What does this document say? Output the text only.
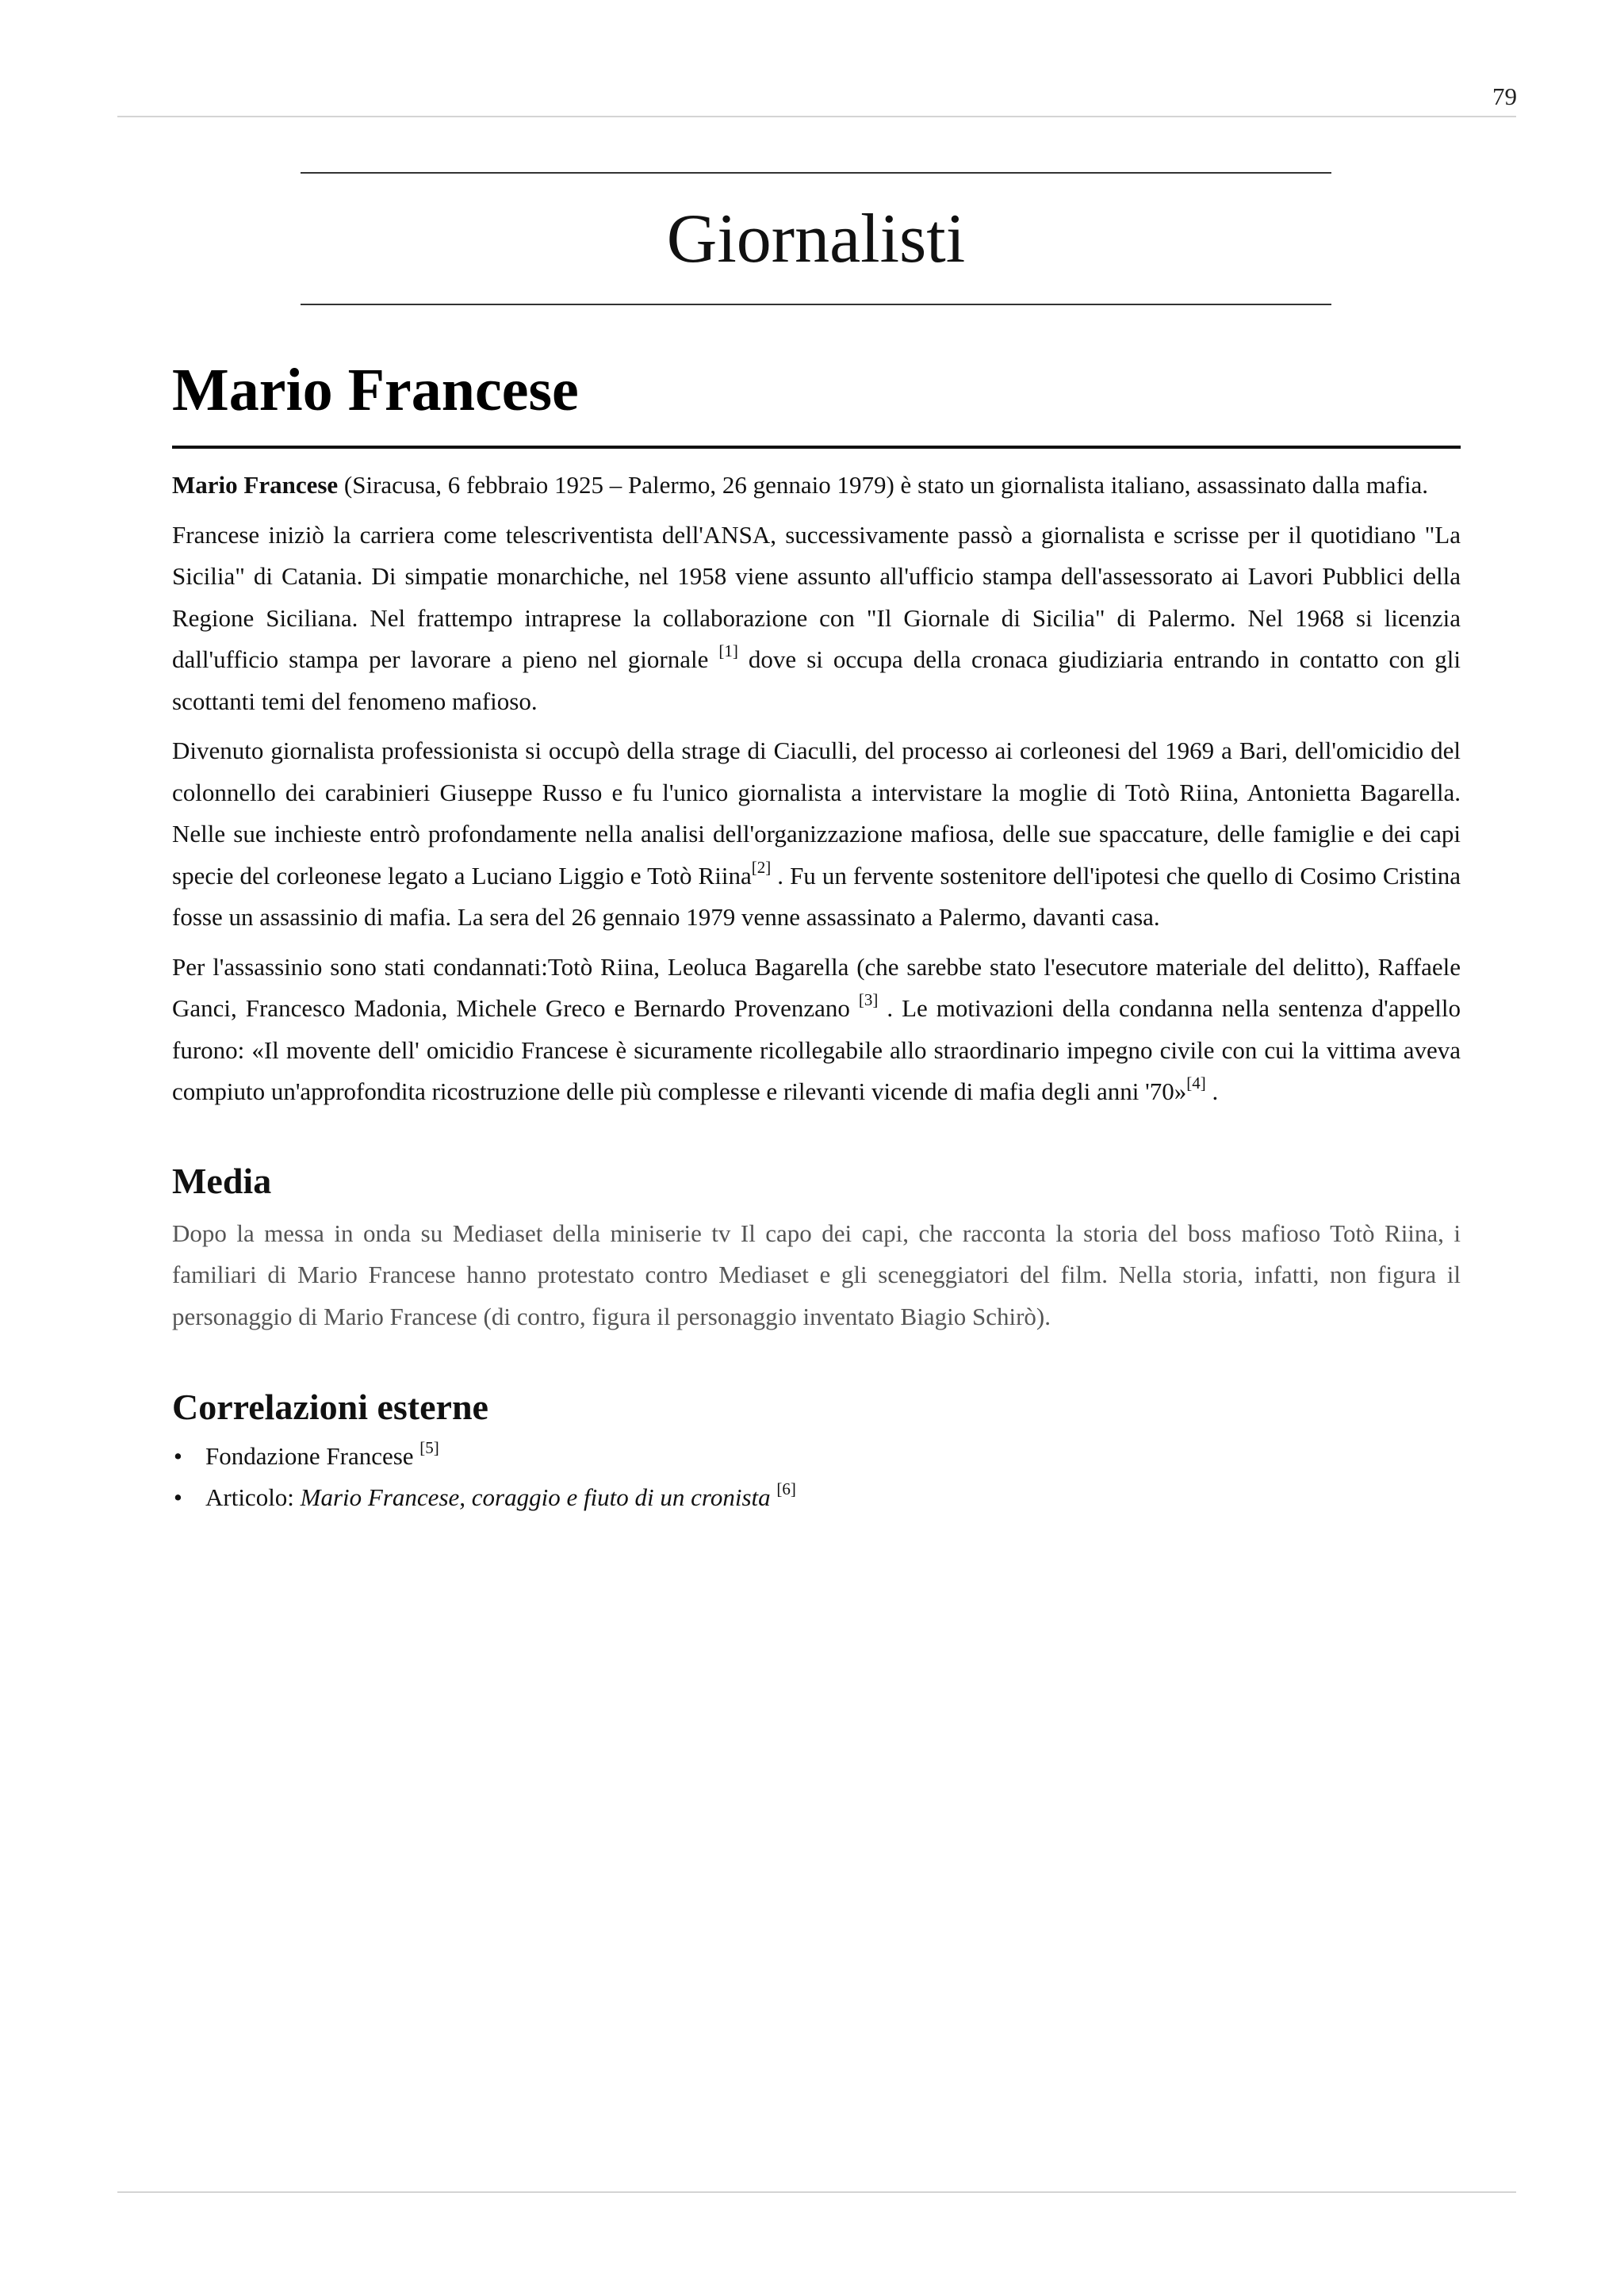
79
Giornalisti
Mario Francese

Mario Francese (Siracusa, 6 febbraio 1925 – Palermo, 26 gennaio 1979) è stato un giornalista italiano, assassinato dalla mafia.

Francese iniziò la carriera come telescriventista dell'ANSA, successivamente passò a giornalista e scrisse per il quotidiano "La Sicilia" di Catania. Di simpatie monarchiche, nel 1958 viene assunto all'ufficio stampa dell'assessorato ai Lavori Pubblici della Regione Siciliana. Nel frattempo intraprese la collaborazione con "Il Giornale di Sicilia" di Palermo. Nel 1968 si licenzia dall'ufficio stampa per lavorare a pieno nel giornale [1] dove si occupa della cronaca giudiziaria entrando in contatto con gli scottanti temi del fenomeno mafioso.

Divenuto giornalista professionista si occupò della strage di Ciaculli, del processo ai corleonesi del 1969 a Bari, dell'omicidio del colonnello dei carabinieri Giuseppe Russo e fu l'unico giornalista a intervistare la moglie di Totò Riina, Antonietta Bagarella. Nelle sue inchieste entrò profondamente nella analisi dell'organizzazione mafiosa, delle sue spaccature, delle famiglie e dei capi specie del corleonese legato a Luciano Liggio e Totò Riina[2] . Fu un fervente sostenitore dell'ipotesi che quello di Cosimo Cristina fosse un assassinio di mafia. La sera del 26 gennaio 1979 venne assassinato a Palermo, davanti casa.

Per l'assassinio sono stati condannati:Totò Riina, Leoluca Bagarella (che sarebbe stato l'esecutore materiale del delitto), Raffaele Ganci, Francesco Madonia, Michele Greco e Bernardo Provenzano [3] . Le motivazioni della condanna nella sentenza d'appello furono: «Il movente dell' omicidio Francese è sicuramente ricollegabile allo straordinario impegno civile con cui la vittima aveva compiuto un'approfondita ricostruzione delle più complesse e rilevanti vicende di mafia degli anni '70»[4] .

Media

Dopo la messa in onda su Mediaset della miniserie tv Il capo dei capi, che racconta la storia del boss mafioso Totò Riina, i familiari di Mario Francese hanno protestato contro Mediaset e gli sceneggiatori del film. Nella storia, infatti, non figura il personaggio di Mario Francese (di contro, figura il personaggio inventato Biagio Schirò).

Correlazioni esterne
• Fondazione Francese [5]
• Articolo: Mario Francese, coraggio e fiuto di un cronista [6]
